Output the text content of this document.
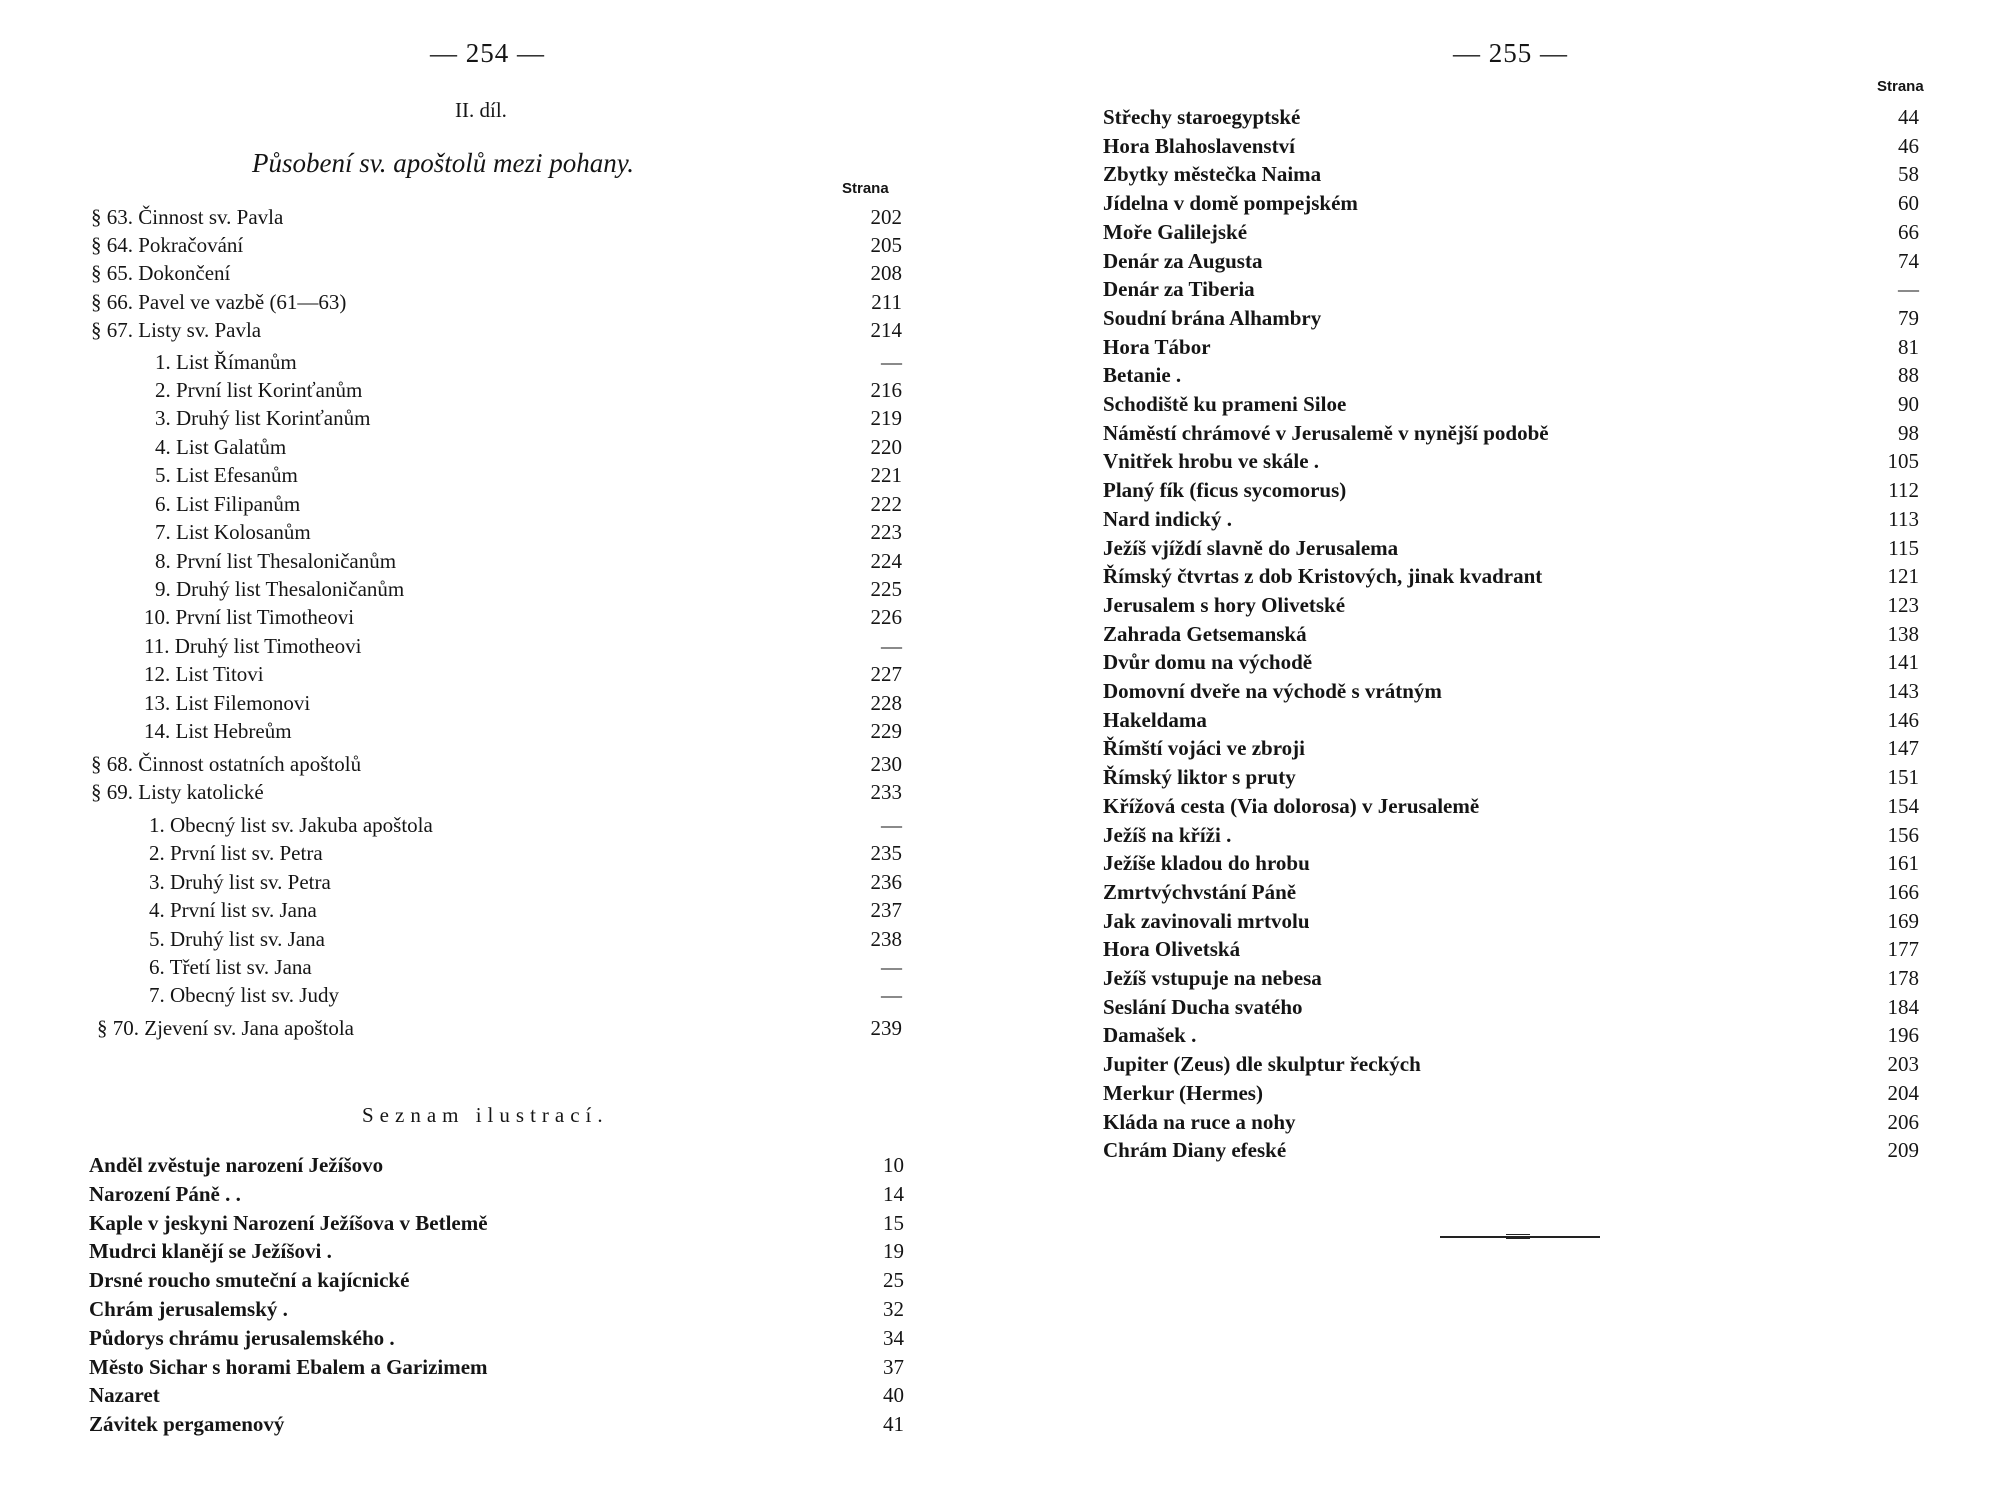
— 254 —
II. díl.
Působení sv. apoštolů mezi pohany.
Strana
§ 63. Činnost sv. Pavla	202
§ 64. Pokračování	205
§ 65. Dokončení	208
§ 66. Pavel ve vazbě (61—63)	211
§ 67. Listy sv. Pavla	214
1. List Římanům	—
2. První list Korinťanům	216
3. Druhý list Korinťanům	219
4. List Galatům	220
5. List Efesanům	221
6. List Filipanům	222
7. List Kolosanům	223
8. První list Thesaloničanům	224
9. Druhý list Thesaloničanům	225
10. První list Timotheovi	226
11. Druhý list Timotheovi	—
12. List Titovi	227
13. List Filemonovi	228
14. List Hebreům	229
§ 68. Činnost ostatních apoštolů	230
§ 69. Listy katolické	233
1. Obecný list sv. Jakuba apoštola	—
2. První list sv. Petra	235
3. Druhý list sv. Petra	236
4. První list sv. Jana	237
5. Druhý list sv. Jana	238
6. Třetí list sv. Jana	—
7. Obecný list sv. Judy	—
§ 70. Zjevení sv. Jana apoštola	239
Seznam ilustrací.
Anděl zvěstuje narození Ježíšovo	10
Narození Páně . .	14
Kaple v jeskyni Narození Ježíšova v Betlemě	15
Mudrci klanějí se Ježíšovi .	19
Drsné roucho smuteční a kajícnické	25
Chrám jerusalemský .	32
Půdorys chrámu jerusalemského .	34
Město Sichar s horami Ebalem a Garizimem	37
Nazaret	40
Závitek pergamenový	41
— 255 —
Strana
Střechy staroegyptské	44
Hora Blahoslavenství	46
Zbytky městečka Naima	58
Jídelna v domě pompejském	60
Moře Galilejské	66
Denár za Augusta	74
Denár za Tiberia	—
Soudní brána Alhambry	79
Hora Tábor	81
Betanie .	88
Schodiště ku prameni Siloe	90
Náměstí chrámové v Jerusalemě v nynější podobě	98
Vnitřek hrobu ve skále .	105
Planý fík (ficus sycomorus)	112
Nard indický .	113
Ježíš vjíždí slavně do Jerusalema	115
Římský čtvrtas z dob Kristových, jinak kvadrant	121
Jerusalem s hory Olivetské	123
Zahrada Getsemanská	138
Dvůr domu na východě	141
Domovní dveře na východě s vrátným	143
Hakeldama	146
Římští vojáci ve zbroji	147
Římský liktor s pruty	151
Křížová cesta (Via dolorosa) v Jerusalemě	154
Ježíš na kříži .	156
Ježíše kladou do hrobu	161
Zmrtvýchvstání Páně	166
Jak zavinovali mrtvolu	169
Hora Olivetská	177
Ježíš vstupuje na nebesa	178
Seslání Ducha svatého	184
Damašek .	196
Jupiter (Zeus) dle skulptur řeckých	203
Merkur (Hermes)	204
Kláda na ruce a nohy	206
Chrám Diany efeské	209
